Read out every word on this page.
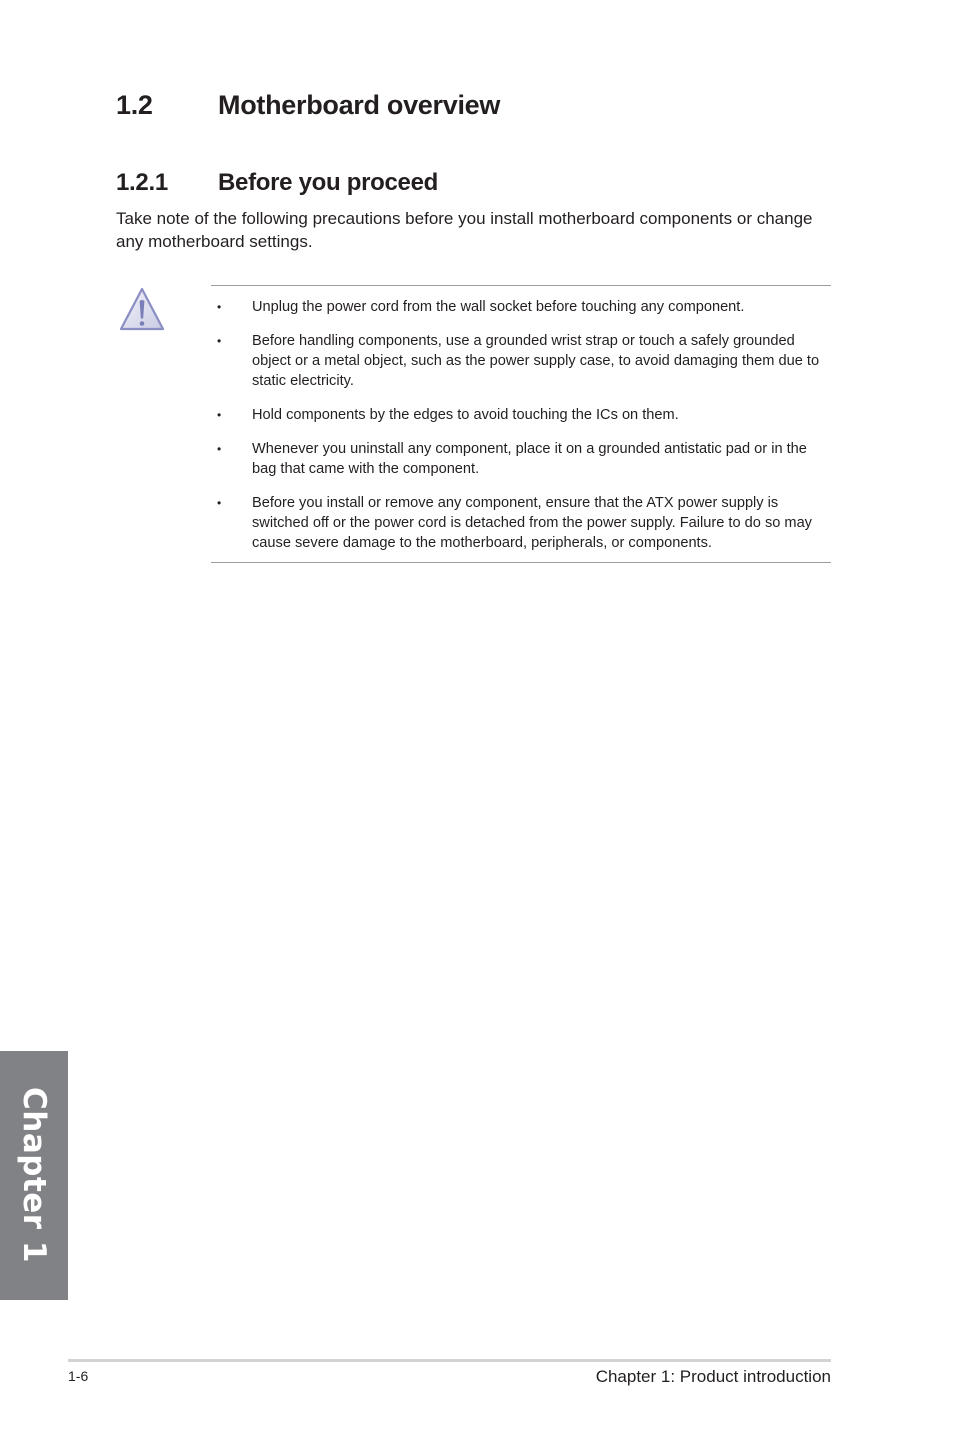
1.2 Motherboard overview
1.2.1 Before you proceed
Take note of the following precautions before you install motherboard components or change any motherboard settings.
• Unplug the power cord from the wall socket before touching any component.
• Before handling components, use a grounded wrist strap or touch a safely grounded object or a metal object, such as the power supply case, to avoid damaging them due to static electricity.
• Hold components by the edges to avoid touching the ICs on them.
• Whenever you uninstall any component, place it on a grounded antistatic pad or in the bag that came with the component.
• Before you install or remove any component, ensure that the ATX power supply is switched off or the power cord is detached from the power supply. Failure to do so may cause severe damage to the motherboard, peripherals, or components.
Chapter 1
1-6	Chapter 1: Product introduction
